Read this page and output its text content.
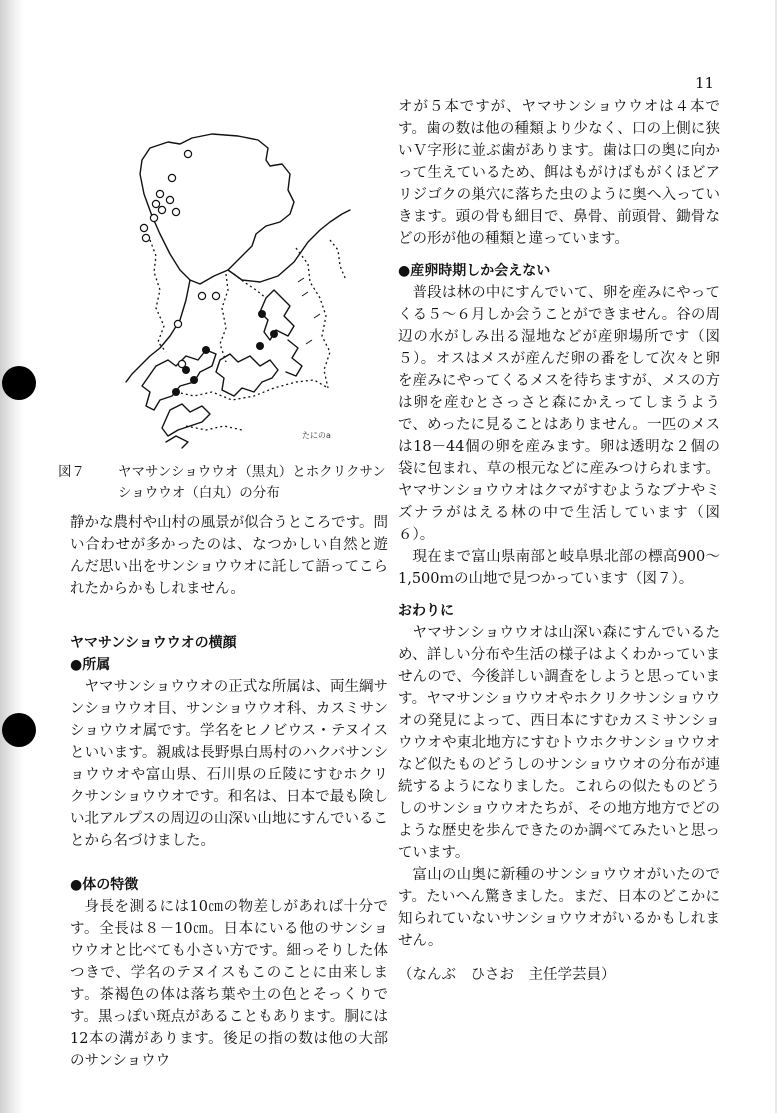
11
たにのa
図７	ヤマサンショウウオ（黒丸）とホクリクサンショウウオ（白丸）の分布

静かな農村や山村の風景が似合うところです。問い合わせが多かったのは、なつかしい自然と遊んだ思い出をサンショウウオに託して語ってこられたからかもしれません。

ヤマサンショウウオの横顔
●所属

ヤマサンショウウオの正式な所属は、両生綱サンショウウオ目、サンショウウオ科、カスミサンショウウオ属です。学名をヒノビウス・テヌイスといいます。親戚は長野県白馬村のハクバサンショウウオや富山県、石川県の丘陵にすむホクリクサンショウウオです。和名は、日本で最も険しい北アルプスの周辺の山深い山地にすんでいることから名づけました。

●体の特徴

身長を測るには10㎝の物差しがあれば十分です。全長は８－10㎝。日本にいる他のサンショウウオと比べても小さい方です。細っそりした体つきで、学名のテヌイスもこのことに由来します。茶褐色の体は落ち葉や土の色とそっくりです。黒っぽい斑点があることもあります。胴には12本の溝があります。後足の指の数は他の大部のサンショウウ

オが５本ですが、ヤマサンショウウオは４本です。歯の数は他の種類より少なく、口の上側に狭いＶ字形に並ぶ歯があります。歯は口の奥に向かって生えているため、餌はもがけばもがくほどアリジゴクの巣穴に落ちた虫のように奥へ入っていきます。頭の骨も細目で、鼻骨、前頭骨、鋤骨などの形が他の種類と違っています。

●産卵時期しか会えない

普段は林の中にすんでいて、卵を産みにやってくる５～６月しか会うことができません。谷の周辺の水がしみ出る湿地などが産卵場所です（図５）。オスはメスが産んだ卵の番をして次々と卵を産みにやってくるメスを待ちますが、メスの方は卵を産むとさっさと森にかえってしまうようで、めったに見ることはありません。一匹のメスは18－44個の卵を産みます。卵は透明な２個の袋に包まれ、草の根元などに産みつけられます。ヤマサンショウウオはクマがすむようなブナやミズナラがはえる林の中で生活しています（図６）。

現在まで富山県南部と岐阜県北部の標高900～1,500ｍの山地で見つかっています（図７）。

おわりに

ヤマサンショウウオは山深い森にすんでいるため、詳しい分布や生活の様子はよくわかっていませんので、今後詳しい調査をしようと思っています。ヤマサンショウウオやホクリクサンショウウオの発見によって、西日本にすむカスミサンショウウオや東北地方にすむトウホクサンショウウオなど似たものどうしのサンショウウオの分布が連続するようになりました。これらの似たものどうしのサンショウウオたちが、その地方地方でどのような歴史を歩んできたのか調べてみたいと思っています。

富山の山奥に新種のサンショウウオがいたのです。たいへん驚きました。まだ、日本のどこかに知られていないサンショウウオがいるかもしれません。

（なんぶ　ひさお　主任学芸員）
